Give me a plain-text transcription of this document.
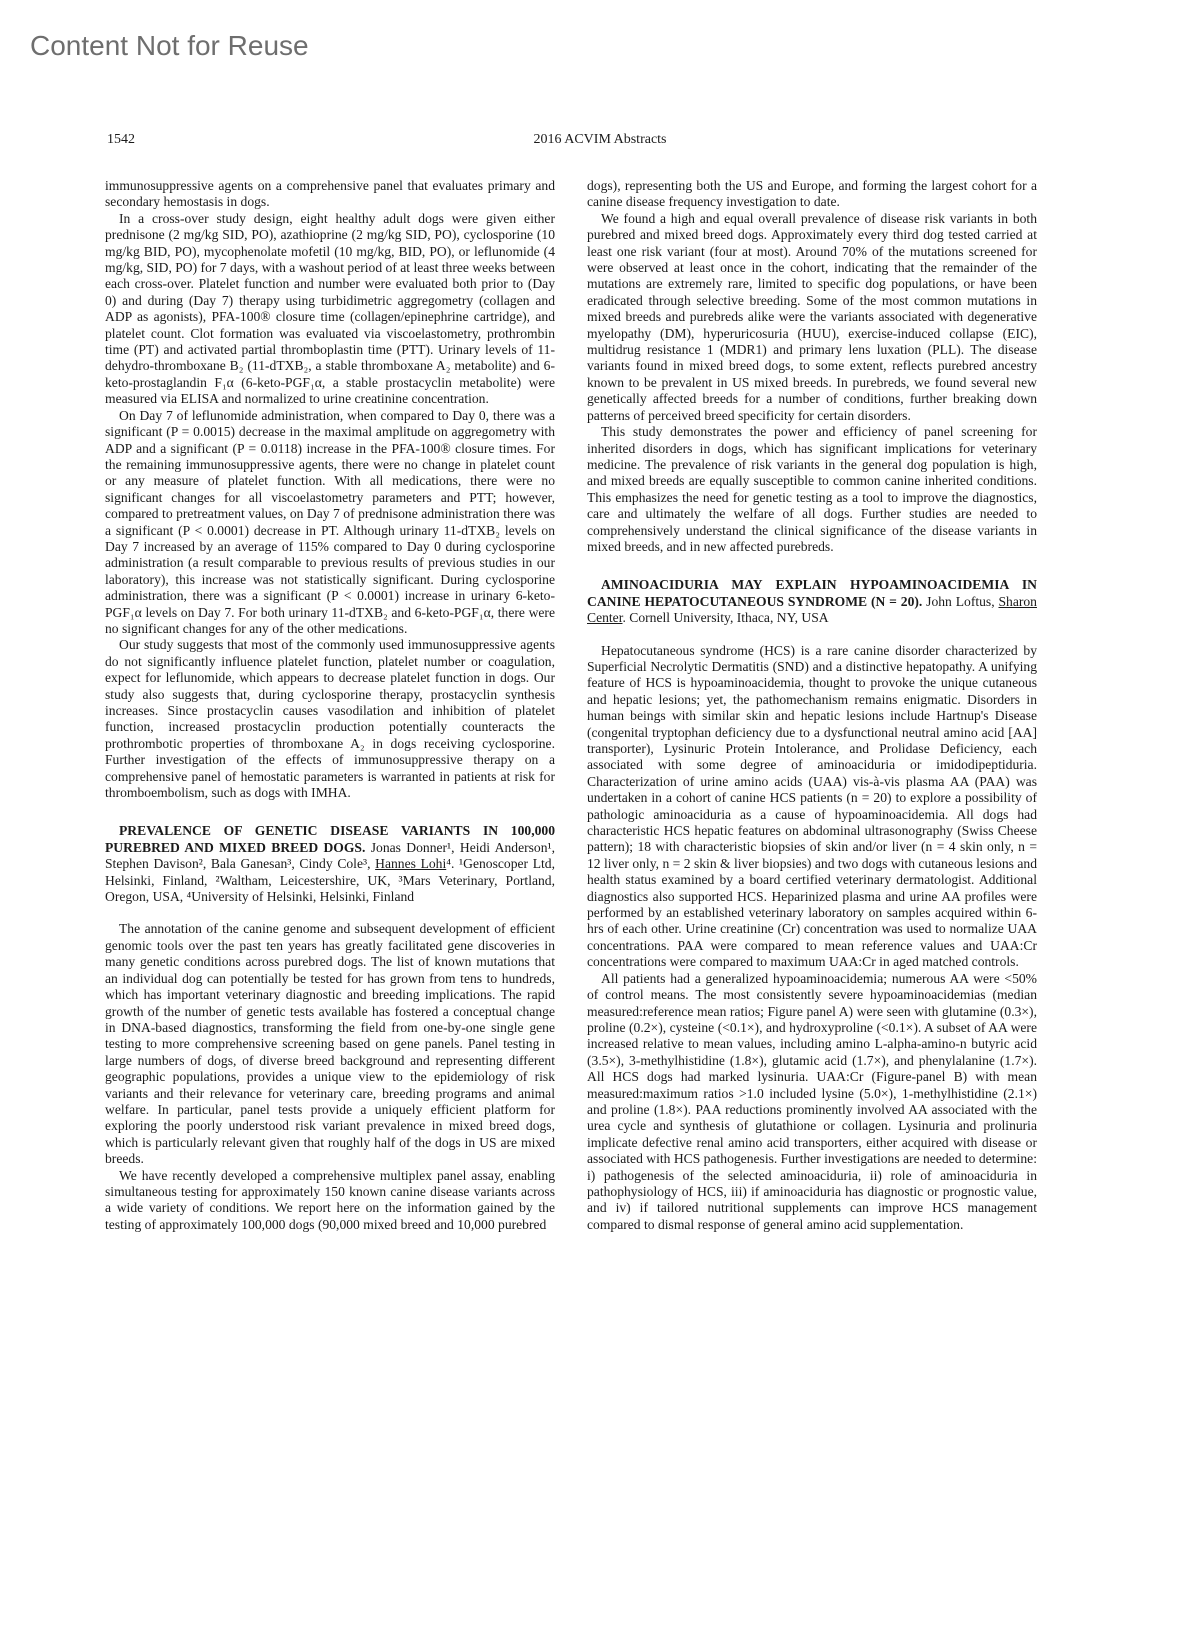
Content Not for Reuse
1542	2016 ACVIM Abstracts

immunosuppressive agents on a comprehensive panel that evaluates primary and secondary hemostasis in dogs.

In a cross-over study design, eight healthy adult dogs were given either prednisone (2 mg/kg SID, PO), azathioprine (2 mg/kg SID, PO), cyclosporine (10 mg/kg BID, PO), mycophenolate mofetil (10 mg/kg, BID, PO), or leflunomide (4 mg/kg, SID, PO) for 7 days, with a washout period of at least three weeks between each cross-over. Platelet function and number were evaluated both prior to (Day 0) and during (Day 7) therapy using turbidimetric aggregometry (collagen and ADP as agonists), PFA-100® closure time (collagen/epinephrine cartridge), and platelet count. Clot formation was evaluated via viscoelastometry, prothrombin time (PT) and activated partial thromboplastin time (PTT). Urinary levels of 11-dehydro-thromboxane B₂ (11-dTXB₂, a stable thromboxane A₂ metabolite) and 6-keto-prostaglandin F₁α (6-keto-PGF₁α, a stable prostacyclin metabolite) were measured via ELISA and normalized to urine creatinine concentration.

On Day 7 of leflunomide administration, when compared to Day 0, there was a significant (P = 0.0015) decrease in the maximal amplitude on aggregometry with ADP and a significant (P = 0.0118) increase in the PFA-100® closure times. For the remaining immunosuppressive agents, there were no change in platelet count or any measure of platelet function. With all medications, there were no significant changes for all viscoelastometry parameters and PTT; however, compared to pretreatment values, on Day 7 of prednisone administration there was a significant (P < 0.0001) decrease in PT. Although urinary 11-dTXB₂ levels on Day 7 increased by an average of 115% compared to Day 0 during cyclosporine administration (a result comparable to previous results of previous studies in our laboratory), this increase was not statistically significant. During cyclosporine administration, there was a significant (P < 0.0001) increase in urinary 6-keto-PGF₁α levels on Day 7. For both urinary 11-dTXB₂ and 6-keto-PGF₁α, there were no significant changes for any of the other medications.

Our study suggests that most of the commonly used immunosuppressive agents do not significantly influence platelet function, platelet number or coagulation, expect for leflunomide, which appears to decrease platelet function in dogs. Our study also suggests that, during cyclosporine therapy, prostacyclin synthesis increases. Since prostacyclin causes vasodilation and inhibition of platelet function, increased prostacyclin production potentially counteracts the prothrombotic properties of thromboxane A₂ in dogs receiving cyclosporine. Further investigation of the effects of immunosuppressive therapy on a comprehensive panel of hemostatic parameters is warranted in patients at risk for thromboembolism, such as dogs with IMHA.

PREVALENCE OF GENETIC DISEASE VARIANTS IN 100,000 PUREBRED AND MIXED BREED DOGS. Jonas Donner¹, Heidi Anderson¹, Stephen Davison², Bala Ganesan³, Cindy Cole³, Hannes Lohi⁴. ¹Genoscoper Ltd, Helsinki, Finland, ²Waltham, Leicestershire, UK, ³Mars Veterinary, Portland, Oregon, USA, ⁴University of Helsinki, Helsinki, Finland

The annotation of the canine genome and subsequent development of efficient genomic tools over the past ten years has greatly facilitated gene discoveries in many genetic conditions across purebred dogs. The list of known mutations that an individual dog can potentially be tested for has grown from tens to hundreds, which has important veterinary diagnostic and breeding implications. The rapid growth of the number of genetic tests available has fostered a conceptual change in DNA-based diagnostics, transforming the field from one-by-one single gene testing to more comprehensive screening based on gene panels. Panel testing in large numbers of dogs, of diverse breed background and representing different geographic populations, provides a unique view to the epidemiology of risk variants and their relevance for veterinary care, breeding programs and animal welfare. In particular, panel tests provide a uniquely efficient platform for exploring the poorly understood risk variant prevalence in mixed breed dogs, which is particularly relevant given that roughly half of the dogs in US are mixed breeds.

We have recently developed a comprehensive multiplex panel assay, enabling simultaneous testing for approximately 150 known canine disease variants across a wide variety of conditions. We report here on the information gained by the testing of approximately 100,000 dogs (90,000 mixed breed and 10,000 purebred

dogs), representing both the US and Europe, and forming the largest cohort for a canine disease frequency investigation to date.

We found a high and equal overall prevalence of disease risk variants in both purebred and mixed breed dogs. Approximately every third dog tested carried at least one risk variant (four at most). Around 70% of the mutations screened for were observed at least once in the cohort, indicating that the remainder of the mutations are extremely rare, limited to specific dog populations, or have been eradicated through selective breeding. Some of the most common mutations in mixed breeds and purebreds alike were the variants associated with degenerative myelopathy (DM), hyperuricosuria (HUU), exercise-induced collapse (EIC), multidrug resistance 1 (MDR1) and primary lens luxation (PLL). The disease variants found in mixed breed dogs, to some extent, reflects purebred ancestry known to be prevalent in US mixed breeds. In purebreds, we found several new genetically affected breeds for a number of conditions, further breaking down patterns of perceived breed specificity for certain disorders.

This study demonstrates the power and efficiency of panel screening for inherited disorders in dogs, which has significant implications for veterinary medicine. The prevalence of risk variants in the general dog population is high, and mixed breeds are equally susceptible to common canine inherited conditions. This emphasizes the need for genetic testing as a tool to improve the diagnostics, care and ultimately the welfare of all dogs. Further studies are needed to comprehensively understand the clinical significance of the disease variants in mixed breeds, and in new affected purebreds.

AMINOACIDURIA MAY EXPLAIN HYPOAMINOACIDEMIA IN CANINE HEPATOCUTANEOUS SYNDROME (N = 20). John Loftus, Sharon Center. Cornell University, Ithaca, NY, USA

Hepatocutaneous syndrome (HCS) is a rare canine disorder characterized by Superficial Necrolytic Dermatitis (SND) and a distinctive hepatopathy. A unifying feature of HCS is hypoaminoacidemia, thought to provoke the unique cutaneous and hepatic lesions; yet, the pathomechanism remains enigmatic. Disorders in human beings with similar skin and hepatic lesions include Hartnup's Disease (congenital tryptophan deficiency due to a dysfunctional neutral amino acid [AA] transporter), Lysinuric Protein Intolerance, and Prolidase Deficiency, each associated with some degree of aminoaciduria or imidodipeptiduria. Characterization of urine amino acids (UAA) vis-à-vis plasma AA (PAA) was undertaken in a cohort of canine HCS patients (n = 20) to explore a possibility of pathologic aminoaciduria as a cause of hypoaminoacidemia. All dogs had characteristic HCS hepatic features on abdominal ultrasonography (Swiss Cheese pattern); 18 with characteristic biopsies of skin and/or liver (n = 4 skin only, n = 12 liver only, n = 2 skin & liver biopsies) and two dogs with cutaneous lesions and health status examined by a board certified veterinary dermatologist. Additional diagnostics also supported HCS. Heparinized plasma and urine AA profiles were performed by an established veterinary laboratory on samples acquired within 6-hrs of each other. Urine creatinine (Cr) concentration was used to normalize UAA concentrations. PAA were compared to mean reference values and UAA:Cr concentrations were compared to maximum UAA:Cr in aged matched controls.

All patients had a generalized hypoaminoacidemia; numerous AA were <50% of control means. The most consistently severe hypoaminoacidemias (median measured:reference mean ratios; Figure panel A) were seen with glutamine (0.3×), proline (0.2×), cysteine (<0.1×), and hydroxyproline (<0.1×). A subset of AA were increased relative to mean values, including amino L-alpha-amino-n butyric acid (3.5×), 3-methylhistidine (1.8×), glutamic acid (1.7×), and phenylalanine (1.7×). All HCS dogs had marked lysinuria. UAA:Cr (Figure-panel B) with mean measured:maximum ratios >1.0 included lysine (5.0×), 1-methylhistidine (2.1×) and proline (1.8×). PAA reductions prominently involved AA associated with the urea cycle and synthesis of glutathione or collagen. Lysinuria and prolinuria implicate defective renal amino acid transporters, either acquired with disease or associated with HCS pathogenesis. Further investigations are needed to determine: i) pathogenesis of the selected aminoaciduria, ii) role of aminoaciduria in pathophysiology of HCS, iii) if aminoaciduria has diagnostic or prognostic value, and iv) if tailored nutritional supplements can improve HCS management compared to dismal response of general amino acid supplementation.
